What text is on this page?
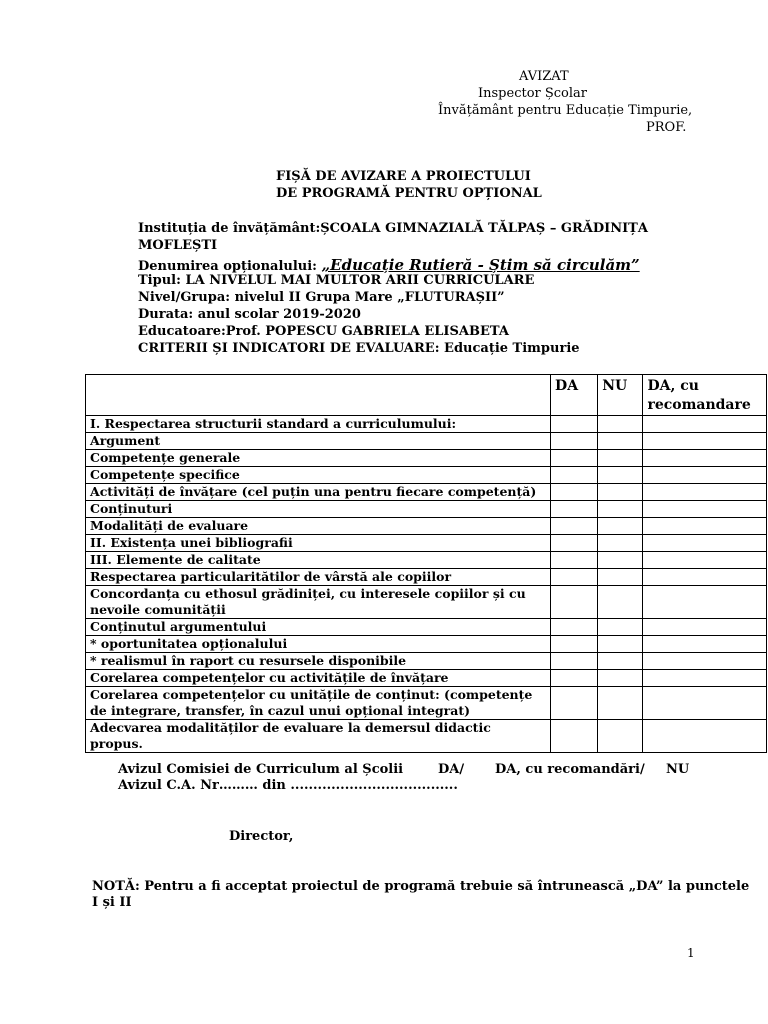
AVIZAT
Inspector Școlar
Învățământ pentru Educație Timpurie,
PROF.
FIȘĂ DE AVIZARE A PROIECTULUI
DE PROGRAMĂ PENTRU OPȚIONAL
Instituția de învățământ:ȘCOALA GIMNAZIALĂ TĂLPAȘ – GRĂDINIȚA
MOFLEȘTI
Denumirea opționalului: „Educație Rutieră - Știm să circulăm”
Tipul: LA NIVELUL MAI MULTOR ARII CURRICULARE
Nivel/Grupa: nivelul II Grupa Mare „FLUTURAȘII”
Durata: anul scolar 2019-2020
Educatoare:Prof. POPESCU GABRIELA ELISABETA
CRITERII ȘI INDICATORI DE EVALUARE: Educație Timpurie
	DA	NU	DA, cu recomandare
I. Respectarea structurii standard a curriculumului:			
Argument			
Competențe generale			
Competențe specifice			
Activități de învățare (cel puțin una pentru fiecare competență)			
Conținuturi			
Modalități de evaluare			
II. Existența unei bibliografii			
III. Elemente de calitate			
Respectarea particularitătilor de vârstă ale copiilor			
Concordanța cu ethosul grădiniței, cu interesele copiilor și cu nevoile comunității			
Conținutul argumentului			
* oportunitatea opționalului			
* realismul în raport cu resursele disponibile			
Corelarea competențelor cu activitățile de învățare			
Corelarea competențelor cu unitățile de conținut: (competențe de integrare, transfer, în cazul unui opțional integrat)			
Adecvarea modalităților de evaluare la demersul didactic propus.			
Avizul Comisiei de Curriculum al Școlii	DA/ DA, cu recomandări/ NU
Avizul C.A. Nr……… din .....................................
Director,
NOTĂ: Pentru a fi acceptat proiectul de programă trebuie să întrunească „DA” la punctele
I și II
1
